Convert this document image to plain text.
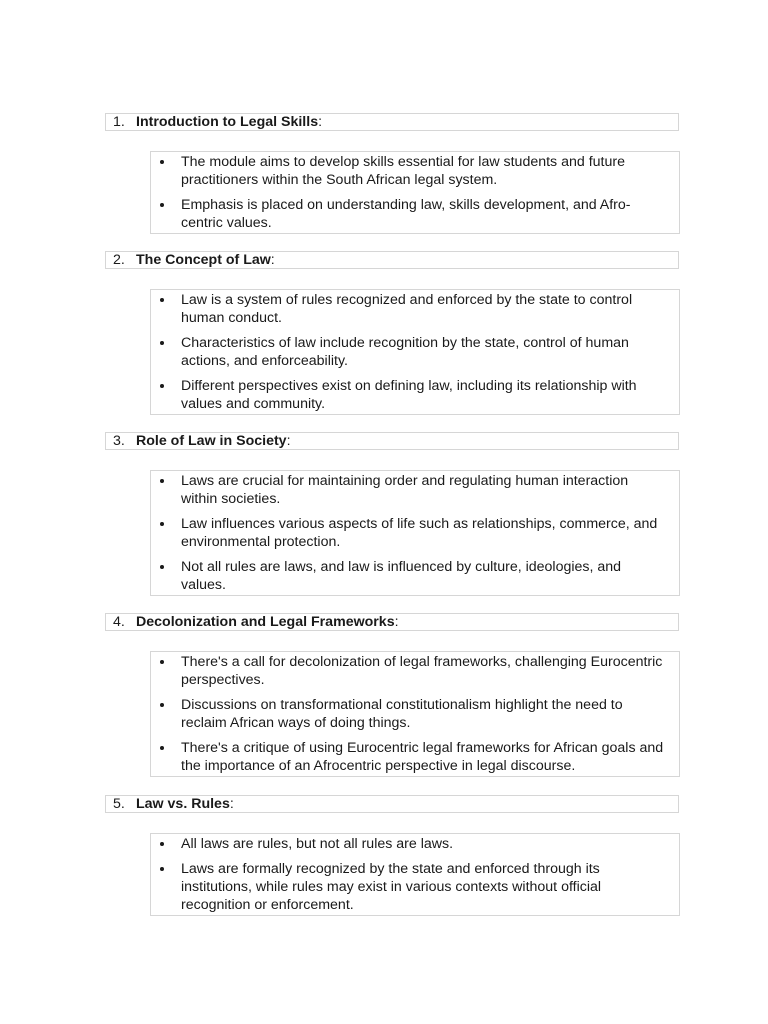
1. Introduction to Legal Skills:
The module aims to develop skills essential for law students and future practitioners within the South African legal system.
Emphasis is placed on understanding law, skills development, and Afro-centric values.
2. The Concept of Law:
Law is a system of rules recognized and enforced by the state to control human conduct.
Characteristics of law include recognition by the state, control of human actions, and enforceability.
Different perspectives exist on defining law, including its relationship with values and community.
3. Role of Law in Society:
Laws are crucial for maintaining order and regulating human interaction within societies.
Law influences various aspects of life such as relationships, commerce, and environmental protection.
Not all rules are laws, and law is influenced by culture, ideologies, and values.
4. Decolonization and Legal Frameworks:
There's a call for decolonization of legal frameworks, challenging Eurocentric perspectives.
Discussions on transformational constitutionalism highlight the need to reclaim African ways of doing things.
There's a critique of using Eurocentric legal frameworks for African goals and the importance of an Afrocentric perspective in legal discourse.
5. Law vs. Rules:
All laws are rules, but not all rules are laws.
Laws are formally recognized by the state and enforced through its institutions, while rules may exist in various contexts without official recognition or enforcement.
